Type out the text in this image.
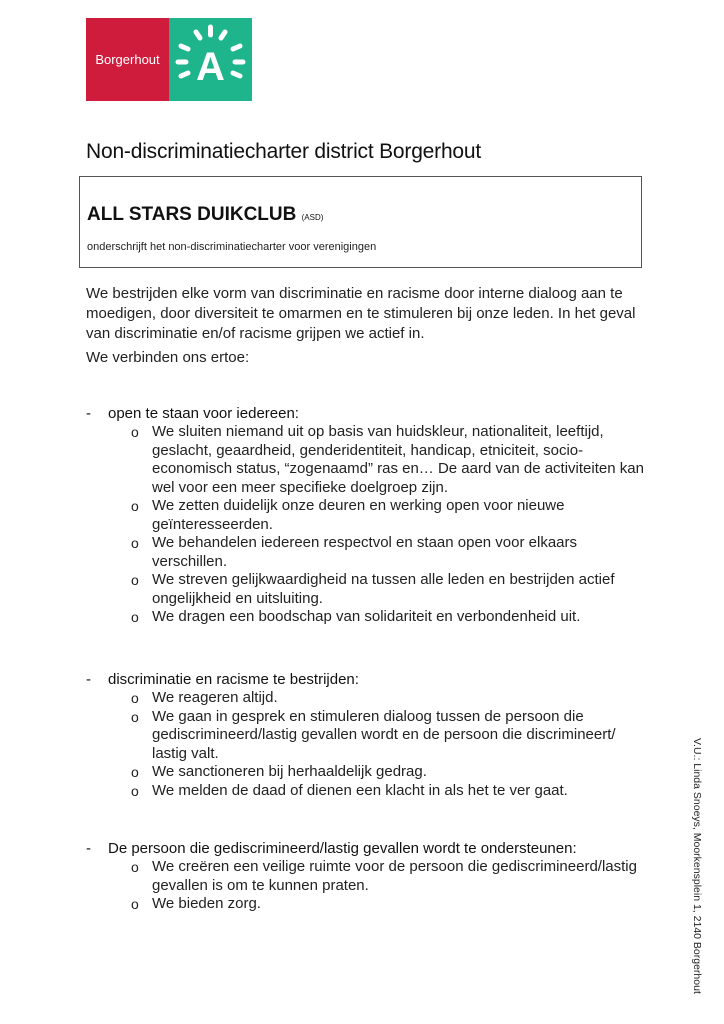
Borgerhout A
Non-discriminatiecharter district Borgerhout
ALL STARS DUIKCLUB (ASD)
onderschrijft het non-discriminatiecharter voor verenigingen

We bestrijden elke vorm van discriminatie en racisme door interne dialoog aan te moedigen, door diversiteit te omarmen en te stimuleren bij onze leden. In het geval van discriminatie en/of racisme grijpen we actief in.

We verbinden ons ertoe:
- open te staan voor iedereen:
o We sluiten niemand uit op basis van huidskleur, nationaliteit, leeftijd, geslacht, geaardheid, genderidentiteit, handicap, etniciteit, socio-economisch status, “zogenaamd” ras en… De aard van de activiteiten kan wel voor een meer specifieke doelgroep zijn.
o We zetten duidelijk onze deuren en werking open voor nieuwe geïnteresseerden.
o We behandelen iedereen respectvol en staan open voor elkaars verschillen.
o We streven gelijkwaardigheid na tussen alle leden en bestrijden actief ongelijkheid en uitsluiting.
o We dragen een boodschap van solidariteit en verbondenheid uit.
- discriminatie en racisme te bestrijden:
o We reageren altijd.
o We gaan in gesprek en stimuleren dialoog tussen de persoon die gediscrimineerd/lastig gevallen wordt en de persoon die discrimineert/ lastig valt.
o We sanctioneren bij herhaaldelijk gedrag.
o We melden de daad of dienen een klacht in als het te ver gaat.
- De persoon die gediscrimineerd/lastig gevallen wordt te ondersteunen:
o We creëren een veilige ruimte voor de persoon die gediscrimineerd/lastig gevallen is om te kunnen praten.
o We bieden zorg.	V.U.: Linda Snoeys, Moorkensplein 1, 2140 Borgerhout
